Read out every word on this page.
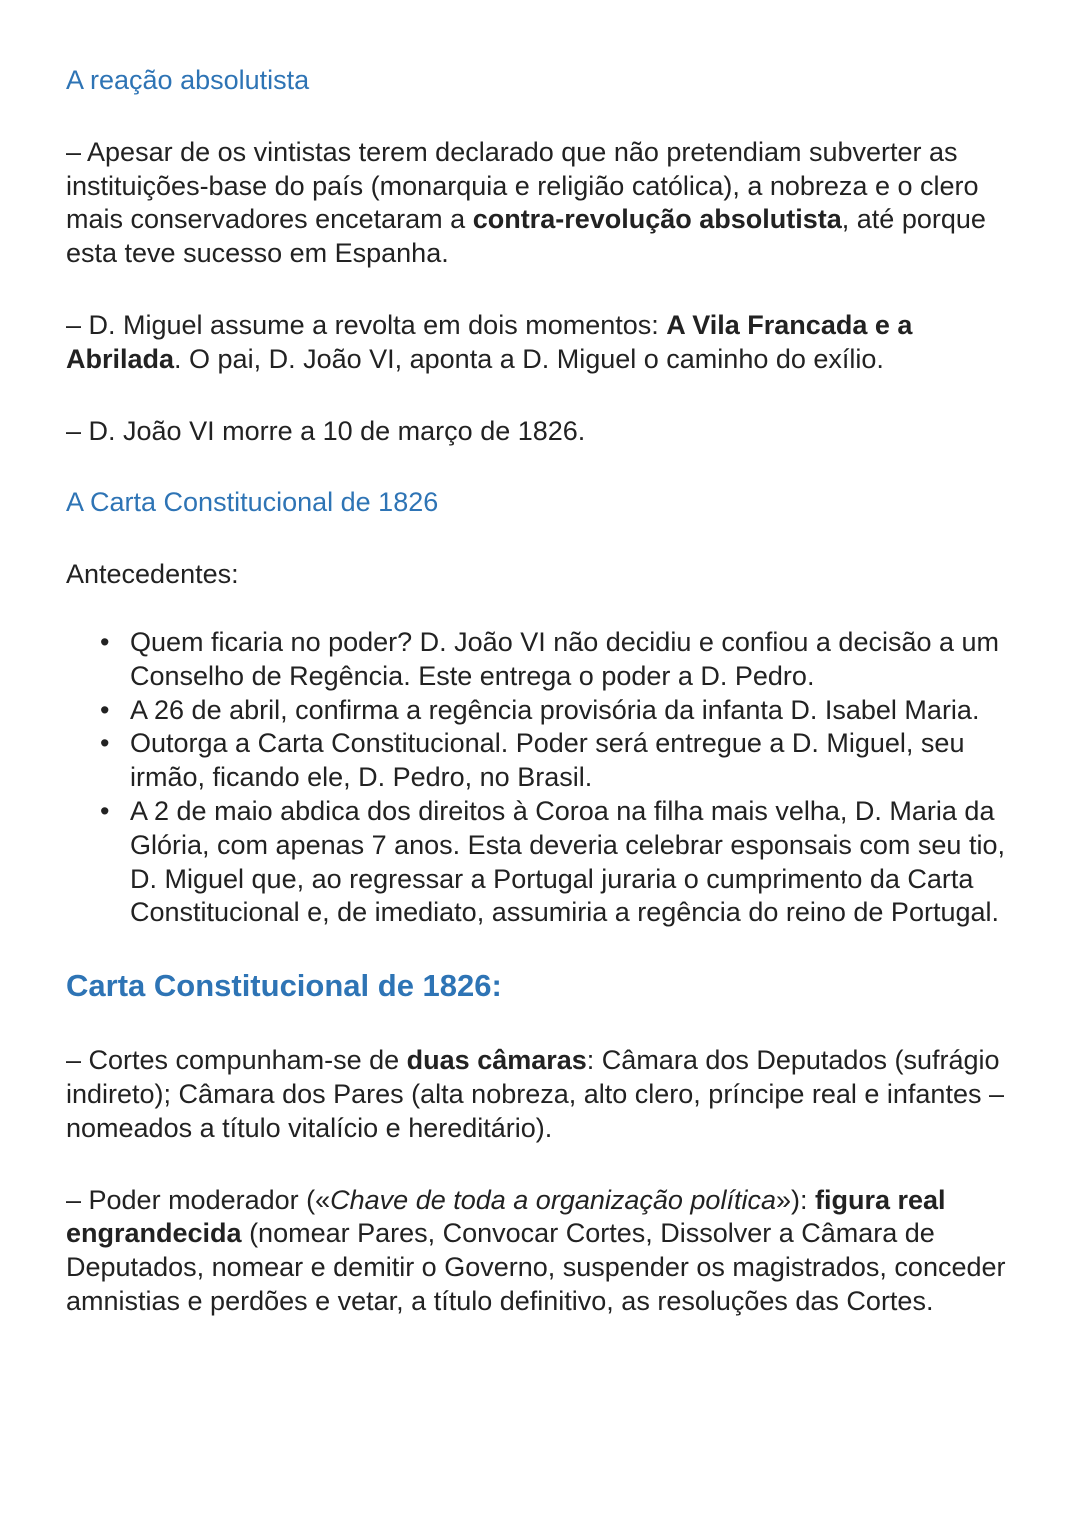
A reação absolutista

– Apesar de os vintistas terem declarado que não pretendiam subverter as instituições-base do país (monarquia e religião católica), a nobreza e o clero mais conservadores encetaram a contra-revolução absolutista, até porque esta teve sucesso em Espanha.

– D. Miguel assume a revolta em dois momentos: A Vila Francada e a Abrilada. O pai, D. João VI, aponta a D. Miguel o caminho do exílio.

– D. João VI morre a 10 de março de 1826.

A Carta Constitucional de 1826

Antecedentes:

• Quem ficaria no poder? D. João VI não decidiu e confiou a decisão a um Conselho de Regência. Este entrega o poder a D. Pedro.
• A 26 de abril, confirma a regência provisória da infanta D. Isabel Maria.
• Outorga a Carta Constitucional. Poder será entregue a D. Miguel, seu irmão, ficando ele, D. Pedro, no Brasil.
• A 2 de maio abdica dos direitos à Coroa na filha mais velha, D. Maria da Glória, com apenas 7 anos. Esta deveria celebrar esponsais com seu tio, D. Miguel que, ao regressar a Portugal juraria o cumprimento da Carta Constitucional e, de imediato, assumiria a regência do reino de Portugal.
Carta Constitucional de 1826:

– Cortes compunham-se de duas câmaras: Câmara dos Deputados (sufrágio indireto); Câmara dos Pares (alta nobreza, alto clero, príncipe real e infantes – nomeados a título vitalício e hereditário).

– Poder moderador («Chave de toda a organização política»): figura real engrandecida (nomear Pares, Convocar Cortes, Dissolver a Câmara de Deputados, nomear e demitir o Governo, suspender os magistrados, conceder amnistias e perdões e vetar, a título definitivo, as resoluções das Cortes.
